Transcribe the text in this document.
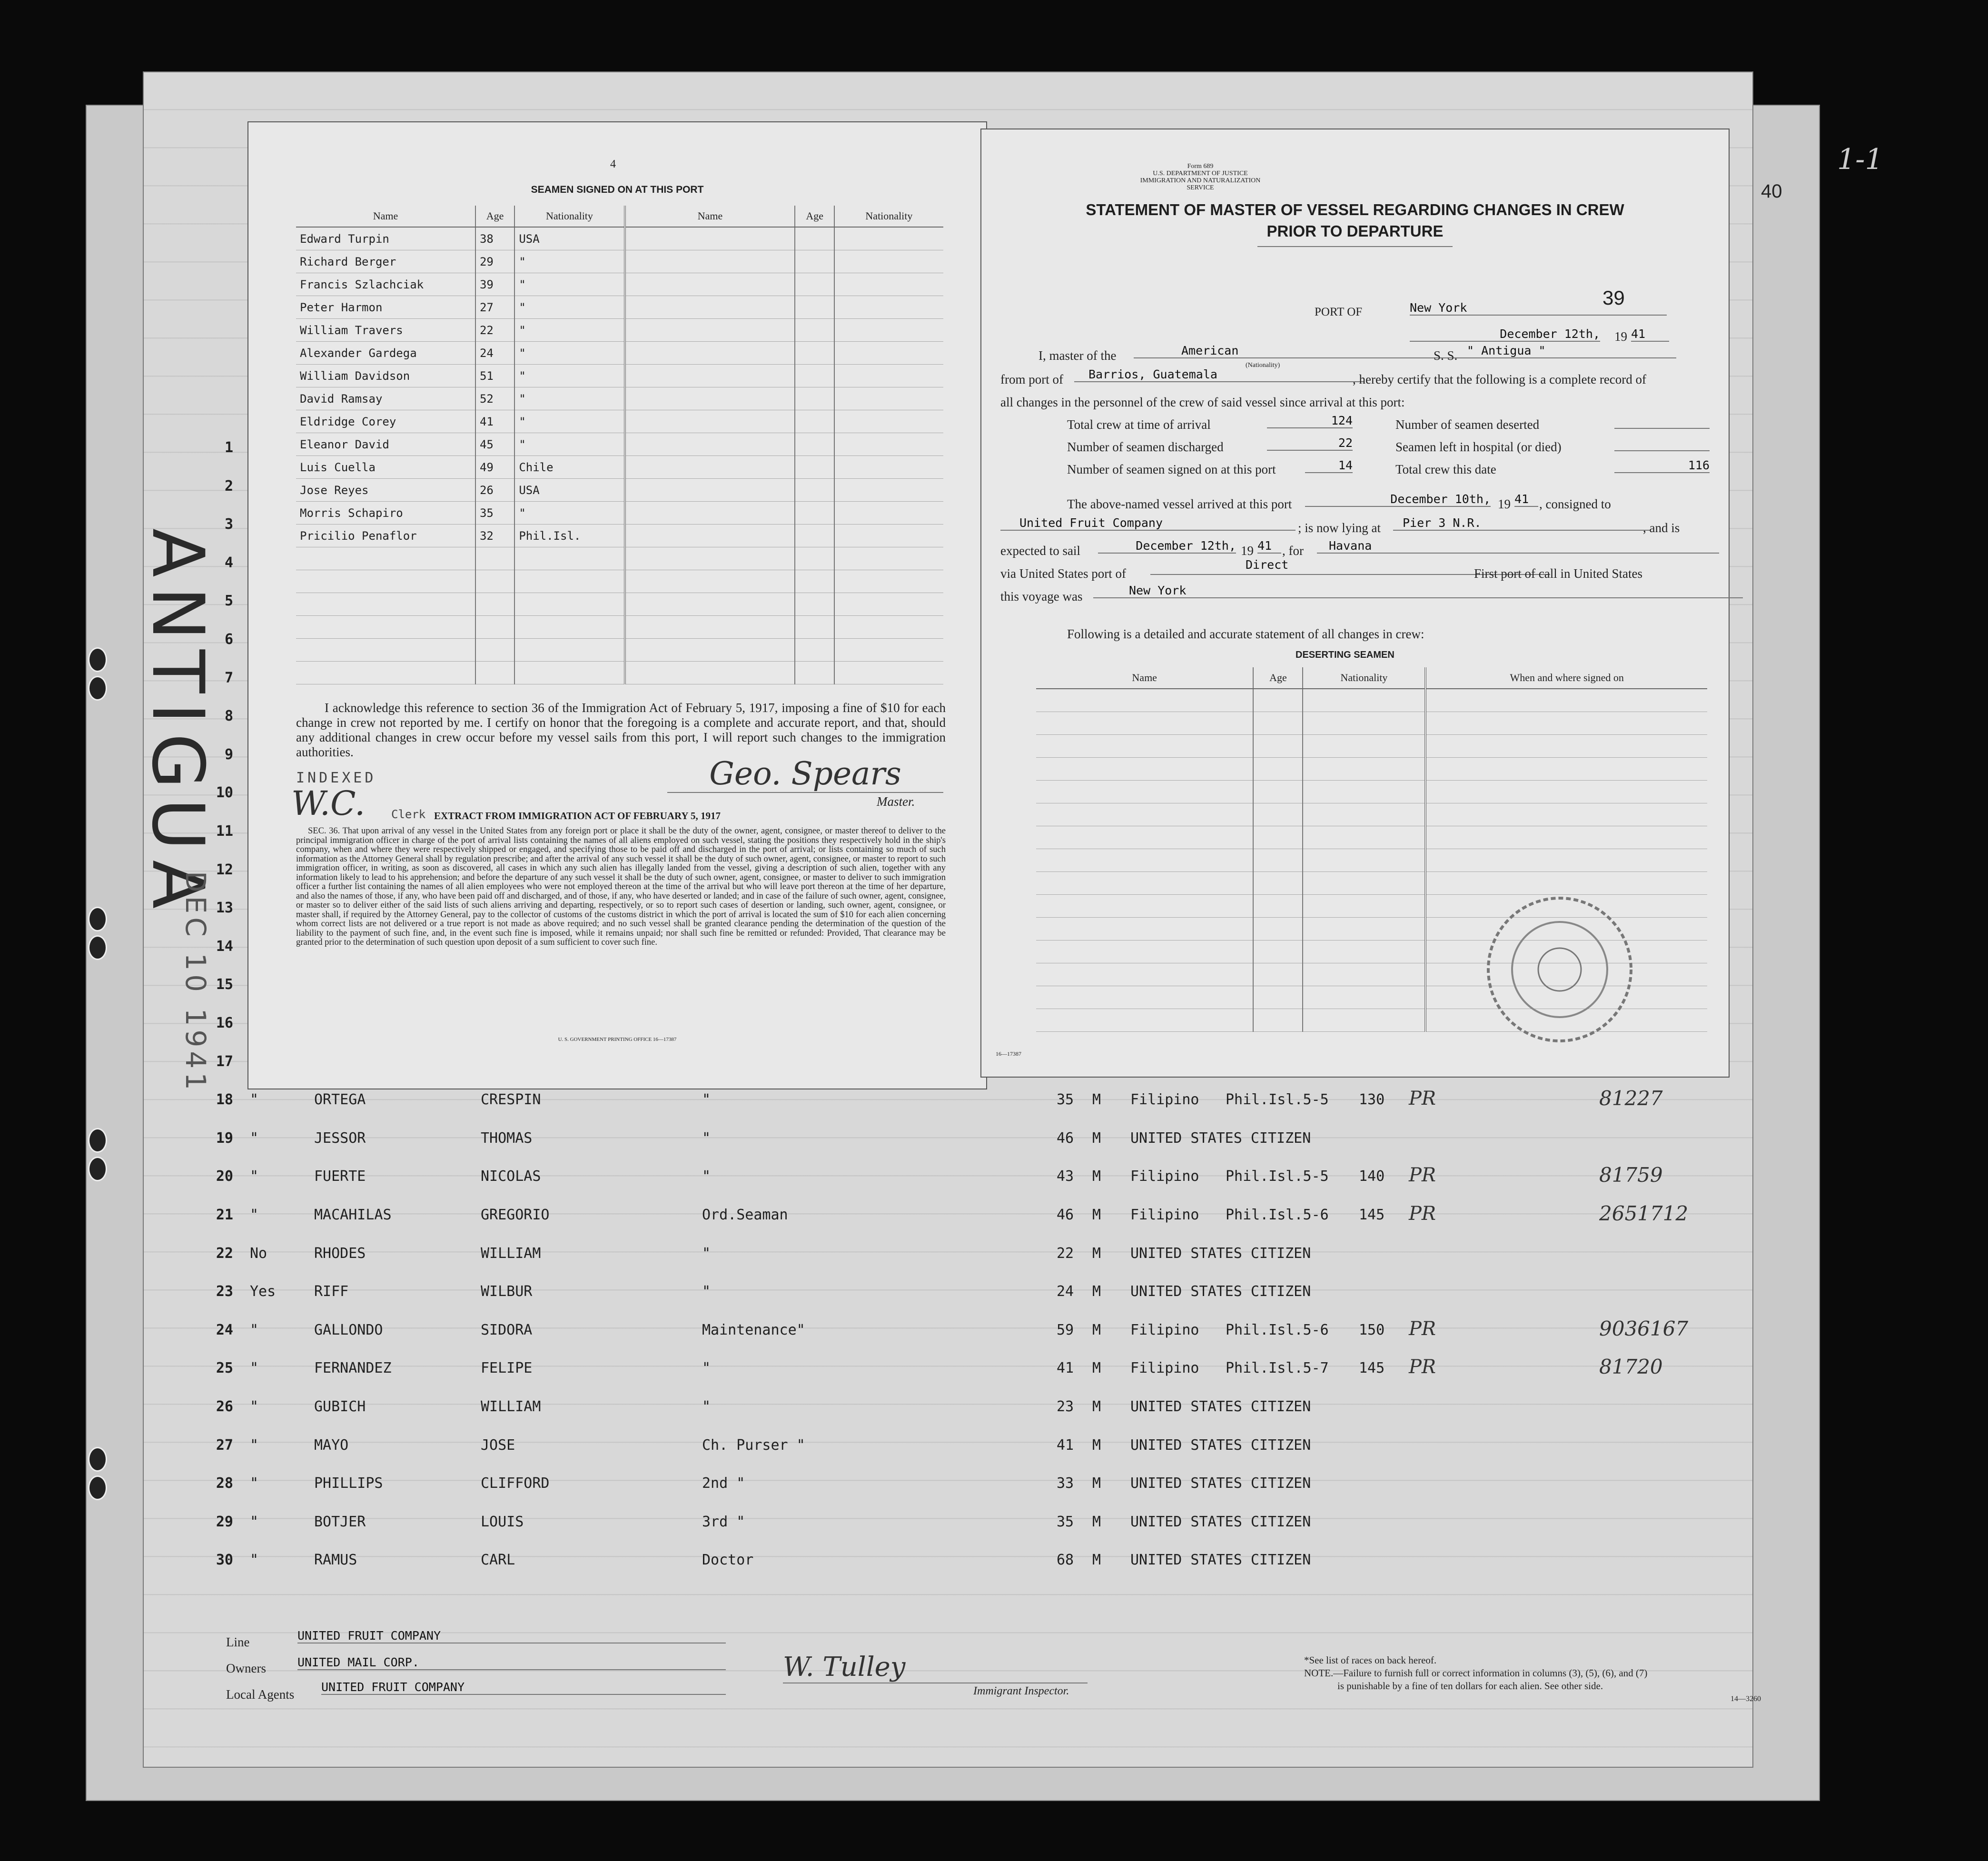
ANTIGUA
DEC 10 1941
1-1
40
1
2
3
4
5
6
7
8
9
10
11
12
13
14
15
16
17
18 "	ORTEGA	CRESPIN	"	35 M Filipino Phil.Isl.5-5 130 PR	81227
19 "	JESSOR	THOMAS	"	46 M UNITED STATES CITIZEN
20 "	FUERTE	NICOLAS	"	43 M Filipino Phil.Isl.5-5 140 PR	81759
21 "	MACAHILAS	GREGORIO	Ord.Seaman	46 M Filipino Phil.Isl.5-6 145 PR	2651712
22 No	RHODES	WILLIAM	"	22 M UNITED STATES CITIZEN
23 Yes	RIFF	WILBUR	"	24 M UNITED STATES CITIZEN
24 "	GALLONDO	SIDORA	Maintenance"	59 M Filipino Phil.Isl.5-6 150 PR	9036167
25 "	FERNANDEZ	FELIPE	"	41 M Filipino Phil.Isl.5-7 145 PR	81720
26 "	GUBICH	WILLIAM	"	23 M UNITED STATES CITIZEN
27 "	MAYO	JOSE	Ch. Purser "	41 M UNITED STATES CITIZEN
28 "	PHILLIPS	CLIFFORD	2nd "	33 M UNITED STATES CITIZEN
29 "	BOTJER	LOUIS	3rd "	35 M UNITED STATES CITIZEN
30 "	RAMUS	CARL	Doctor	68 M UNITED STATES CITIZEN
Line	UNITED FRUIT COMPANY
Owners	UNITED MAIL CORP.
Local Agents
UNITED FRUIT COMPANY
W. Tulley
Immigrant Inspector.
*See list of races on back hereof.
NOTE.—Failure to furnish full or correct information in columns (3), (5), (6), and (7)
is punishable by a fine of ten dollars for each alien. See other side.
14—3260
4
SEAMEN SIGNED ON AT THIS PORT
Name	Age	Nationality	Name	Age	Nationality
Edward Turpin	38	USA			
Richard Berger	29	"			
Francis Szlachciak	39	"			
Peter Harmon	27	"			
William Travers	22	"			
Alexander Gardega	24	"			
William Davidson	51	"			
David Ramsay	52	"			
Eldridge Corey	41	"			
Eleanor David	45	"			
Luis Cuella	49	Chile			
Jose Reyes	26	USA			
Morris Schapiro	35	"			
Pricilio Penaflor	32	Phil.Isl.			

I acknowledge this reference to section 36 of the Immigration Act of February 5, 1917, imposing a fine of $10 for each change in crew not reported by me. I certify on honor that the foregoing is a complete and accurate report, and that, should any additional changes in crew occur before my vessel sails from this port, I will report such changes to the immigration authorities.
INDEXED
W.C. Clerk
Geo. Spears
Master.
EXTRACT FROM IMMIGRATION ACT OF FEBRUARY 5, 1917
SEC. 36. That upon arrival of any vessel in the United States from any foreign port or place it shall be the duty of the owner, agent, consignee, or master thereof to deliver to the principal immigration officer in charge of the port of arrival lists containing the names of all aliens employed on such vessel, stating the positions they respectively hold in the ship's company, when and where they were respectively shipped or engaged, and specifying those to be paid off and discharged in the port of arrival; or lists containing so much of such information as the Attorney General shall by regulation prescribe; and after the arrival of any such vessel it shall be the duty of such owner, agent, consignee, or master to report to such immigration officer, in writing, as soon as discovered, all cases in which any such alien has illegally landed from the vessel, giving a description of such alien, together with any information likely to lead to his apprehension; and before the departure of any such vessel it shall be the duty of such owner, agent, consignee, or master to deliver to such immigration officer a further list containing the names of all alien employees who were not employed thereon at the time of the arrival but who will leave port thereon at the time of her departure, and also the names of those, if any, who have been paid off and discharged, and of those, if any, who have deserted or landed; and in case of the failure of such owner, agent, consignee, or master so to deliver either of the said lists of such aliens arriving and departing, respectively, or so to report such cases of desertion or landing, such owner, agent, consignee, or master shall, if required by the Attorney General, pay to the collector of customs of the customs district in which the port of arrival is located the sum of $10 for each alien concerning whom correct lists are not delivered or a true report is not made as above required; and no such vessel shall be granted clearance pending the determination of the question of the liability to the payment of such fine, and, in the event such fine is imposed, while it remains unpaid; nor shall such fine be remitted or refunded: Provided, That clearance may be granted prior to the determination of such question upon deposit of a sum sufficient to cover such fine.
U. S. GOVERNMENT PRINTING OFFICE 16—17387
Form 689
U.S. DEPARTMENT OF JUSTICE
IMMIGRATION AND NATURALIZATION SERVICE
STATEMENT OF MASTER OF VESSEL REGARDING CHANGES IN CREW
PRIOR TO DEPARTURE
PORT OF	New York	39
December 12th, 19 41
I, master of the	American	S. S. " Antigua "
from port of	Barrios, Guatemala
(Nationality)
, hereby certify that the following is a complete record of
all changes in the personnel of the crew of said vessel since arrival at this port:
Total crew at time of arrival	124	Number of seamen deserted
Number of seamen discharged	22	Seamen left in hospital (or died)
Number of seamen signed on at this port	14	Total crew this date	116
The above-named vessel arrived at this port	December 10th, 19 41 , consigned to
United Fruit Company	; is now lying at	Pier 3 N.R.	, and is
expected to sail	December 12th, 19 41 , for	Havana
via United States port of
Direct
First port of call in United States
this voyage was	New York
Following is a detailed and accurate statement of all changes in crew:
DESERTING SEAMEN
Name	Age	Nationality	When and where signed on

16—17387
